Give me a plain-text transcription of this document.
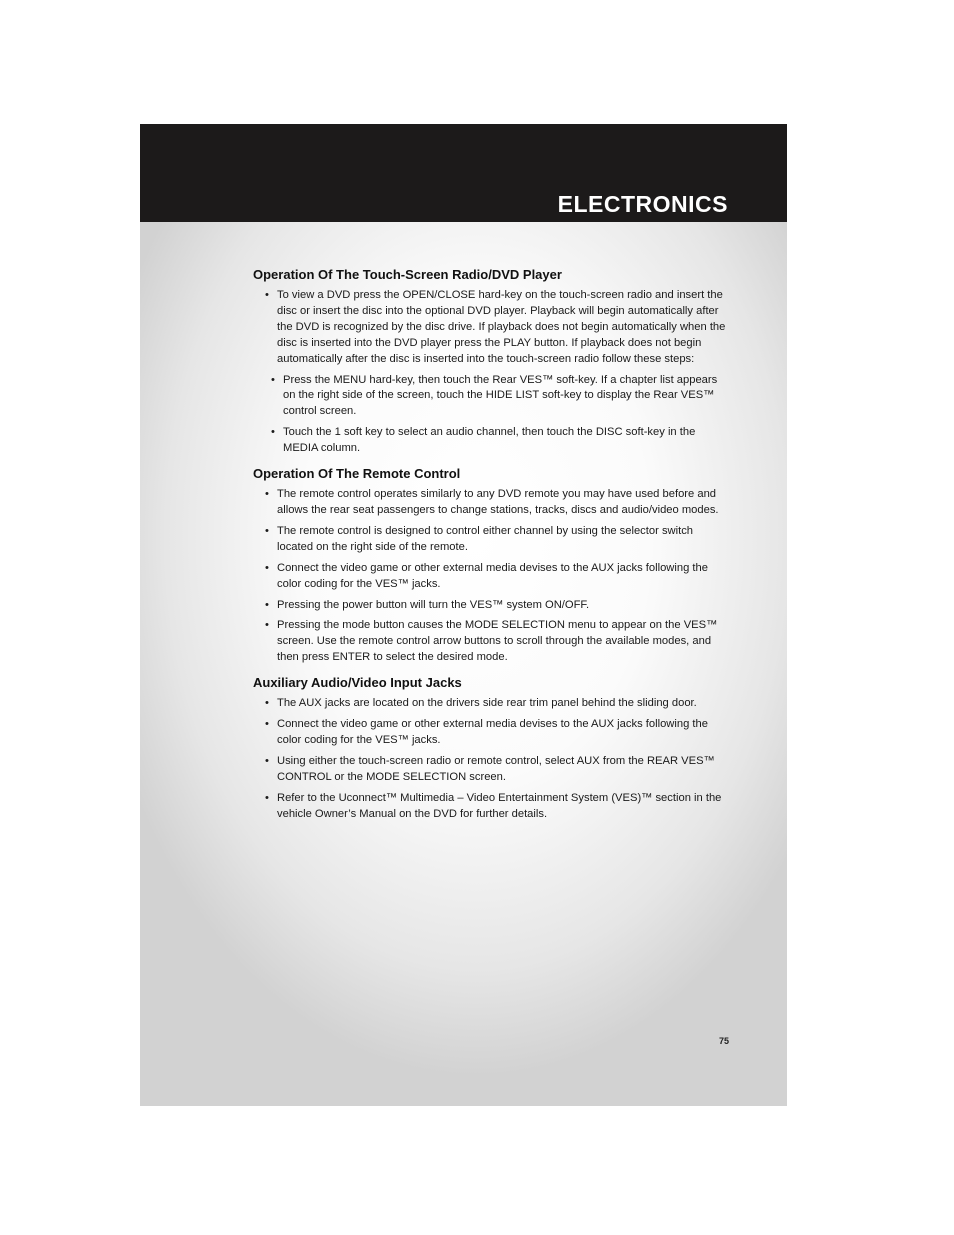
ELECTRONICS
Operation Of The Touch-Screen Radio/DVD Player
• To view a DVD press the OPEN/CLOSE hard-key on the touch-screen radio and insert the disc or insert the disc into the optional DVD player. Playback will begin automatically after the DVD is recognized by the disc drive. If playback does not begin automatically when the disc is inserted into the DVD player press the PLAY button. If playback does not begin automatically after the disc is inserted into the touch-screen radio follow these steps:
• Press the MENU hard-key, then touch the Rear VES™ soft-key. If a chapter list appears on the right side of the screen, touch the HIDE LIST soft-key to display the Rear VES™ control screen.
• Touch the 1 soft key to select an audio channel, then touch the DISC soft-key in the MEDIA column.
Operation Of The Remote Control
• The remote control operates similarly to any DVD remote you may have used before and allows the rear seat passengers to change stations, tracks, discs and audio/video modes.
• The remote control is designed to control either channel by using the selector switch located on the right side of the remote.
• Connect the video game or other external media devises to the AUX jacks following the color coding for the VES™ jacks.
• Pressing the power button will turn the VES™ system ON/OFF.
• Pressing the mode button causes the MODE SELECTION menu to appear on the VES™ screen. Use the remote control arrow buttons to scroll through the available modes, and then press ENTER to select the desired mode.
Auxiliary Audio/Video Input Jacks
• The AUX jacks are located on the drivers side rear trim panel behind the sliding door.
• Connect the video game or other external media devises to the AUX jacks following the color coding for the VES™ jacks.
• Using either the touch-screen radio or remote control, select AUX from the REAR VES™ CONTROL or the MODE SELECTION screen.
• Refer to the Uconnect™ Multimedia – Video Entertainment System (VES)™ section in the vehicle Owner’s Manual on the DVD for further details.
75
